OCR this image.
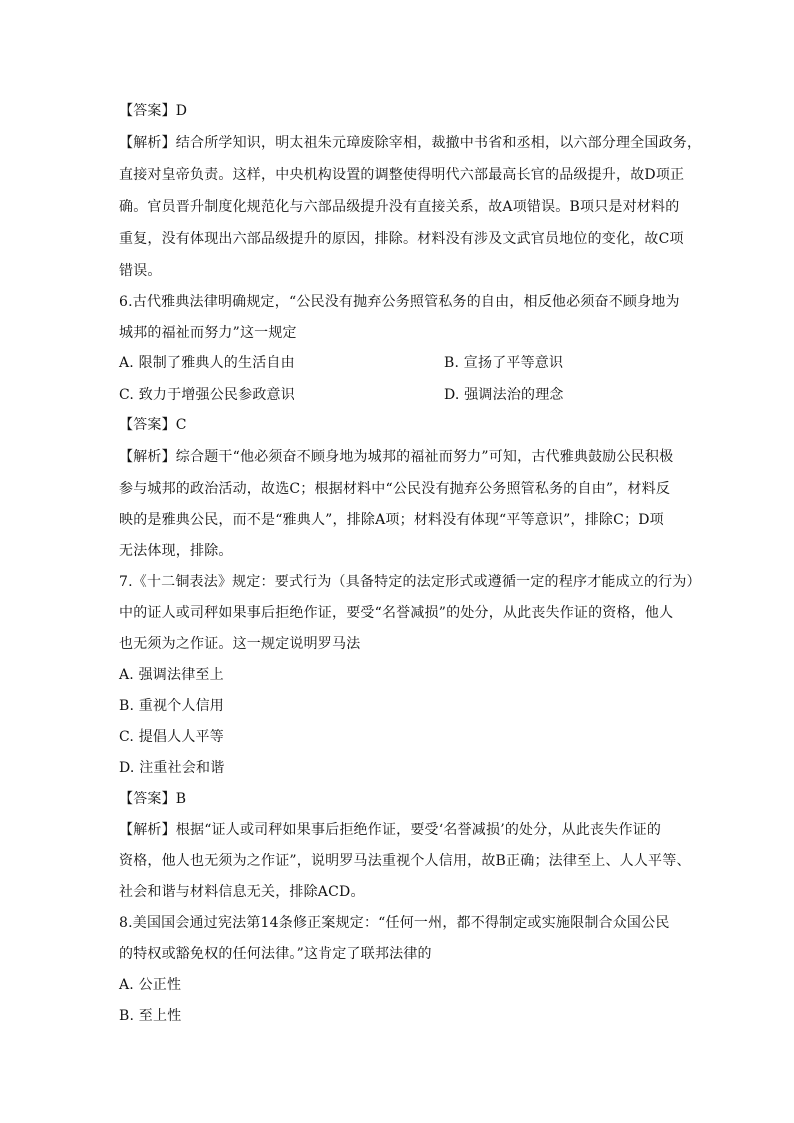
【答案】D
【解析】结合所学知识，明太祖朱元璋废除宰相，裁撤中书省和丞相，以六部分理全国政务，
直接对皇帝负责。这样，中央机构设置的调整使得明代六部最高长官的品级提升，故D项正
确。官员晋升制度化规范化与六部品级提升没有直接关系，故A项错误。B项只是对材料的
重复，没有体现出六部品级提升的原因，排除。材料没有涉及文武官员地位的变化，故C项
错误。
6.古代雅典法律明确规定，“公民没有抛弃公务照管私务的自由，相反他必须奋不顾身地为
城邦的福祉而努力”这一规定
A. 限制了雅典人的生活自由	B. 宣扬了平等意识
C. 致力于增强公民参政意识	D. 强调法治的理念
【答案】C
【解析】综合题干“他必须奋不顾身地为城邦的福祉而努力”可知，古代雅典鼓励公民积极
参与城邦的政治活动，故选C；根据材料中“公民没有抛弃公务照管私务的自由”，材料反
映的是雅典公民，而不是“雅典人”，排除A项；材料没有体现“平等意识”，排除C；D项
无法体现，排除。
7.《十二铜表法》规定：要式行为（具备特定的法定形式或遵循一定的程序才能成立的行为）
中的证人或司秤如果事后拒绝作证，要受“名誉减损”的处分，从此丧失作证的资格，他人
也无须为之作证。这一规定说明罗马法
A. 强调法律至上
B. 重视个人信用
C. 提倡人人平等
D. 注重社会和谐
【答案】B
【解析】根据“证人或司秤如果事后拒绝作证，要受‘名誉减损’的处分，从此丧失作证的
资格，他人也无须为之作证”，说明罗马法重视个人信用，故B正确；法律至上、人人平等、
社会和谐与材料信息无关，排除ACD。
8.美国国会通过宪法第14条修正案规定：“任何一州，都不得制定或实施限制合众国公民
的特权或豁免权的任何法律。”这肯定了联邦法律的
A. 公正性
B. 至上性
